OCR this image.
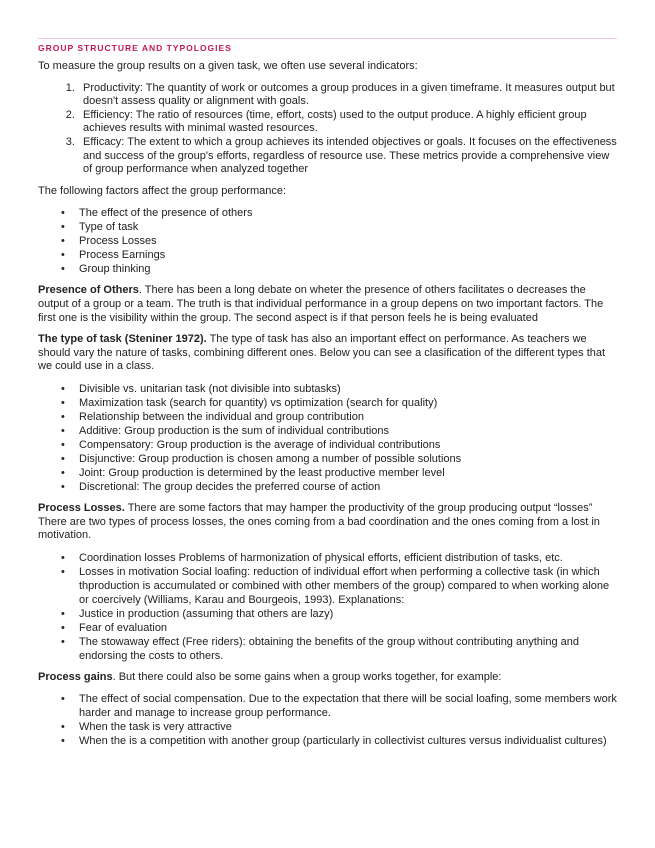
GROUP STRUCTURE AND TYPOLOGIES

To measure the group results on a given task, we often use several indicators:

1. Productivity: The quantity of work or outcomes a group produces in a given timeframe. It measures output but doesn't assess quality or alignment with goals.
2. Efficiency: The ratio of resources (time, effort, costs) used to the output produce. A highly efficient group achieves results with minimal wasted resources.
3. Efficacy: The extent to which a group achieves its intended objectives or goals. It focuses on the effectiveness and success of the group's efforts, regardless of resource use. These metrics provide a comprehensive view of group performance when analyzed together

The following factors affect the group performance:

• The effect of the presence of others
• Type of task
• Process Losses
• Process Earnings
• Group thinking

Presence of Others. There has been a long debate on wheter the presence of others facilitates o decreases the output of a group or a team. The truth is that individual performance in a group depens on two important factors. The first one is the visibility within the group. The second aspect is if that person feels he is being evaluated

The type of task (Steniner 1972). The type of task has also an important effect on performance. As teachers we should vary the nature of tasks, combining different ones. Below you can see a clasification of the different types that we could use in a class.

• Divisible vs. unitarian task (not divisible into subtasks)
• Maximization task (search for quantity) vs optimization (search for quality)
• Relationship between the individual and group contribution
• Additive: Group production is the sum of individual contributions
• Compensatory: Group production is the average of individual contributions
• Disjunctive: Group production is chosen among a number of possible solutions
• Joint: Group production is determined by the least productive member level
• Discretional: The group decides the preferred course of action

Process Losses. There are some factors that may hamper the productivity of the group producing output “losses” There are two types of process losses, the ones coming from a bad coordination and the ones coming from a lost in motivation.

• Coordination losses Problems of harmonization of physical efforts, efficient distribution of tasks, etc.
• Losses in motivation Social loafing: reduction of individual effort when performing a collective task (in which thproduction is accumulated or combined with other members of the group) compared to when working alone or coercively (Williams, Karau and Bourgeois, 1993). Explanations:
• Justice in production (assuming that others are lazy)
• Fear of evaluation
• The stowaway effect (Free riders): obtaining the benefits of the group without contributing anything and endorsing the costs to others.

Process gains. But there could also be some gains when a group works together, for example:

• The effect of social compensation. Due to the expectation that there will be social loafing, some members work harder and manage to increase group performance.
• When the task is very attractive
• When the is a competition with another group (particularly in collectivist cultures versus individualist cultures)
